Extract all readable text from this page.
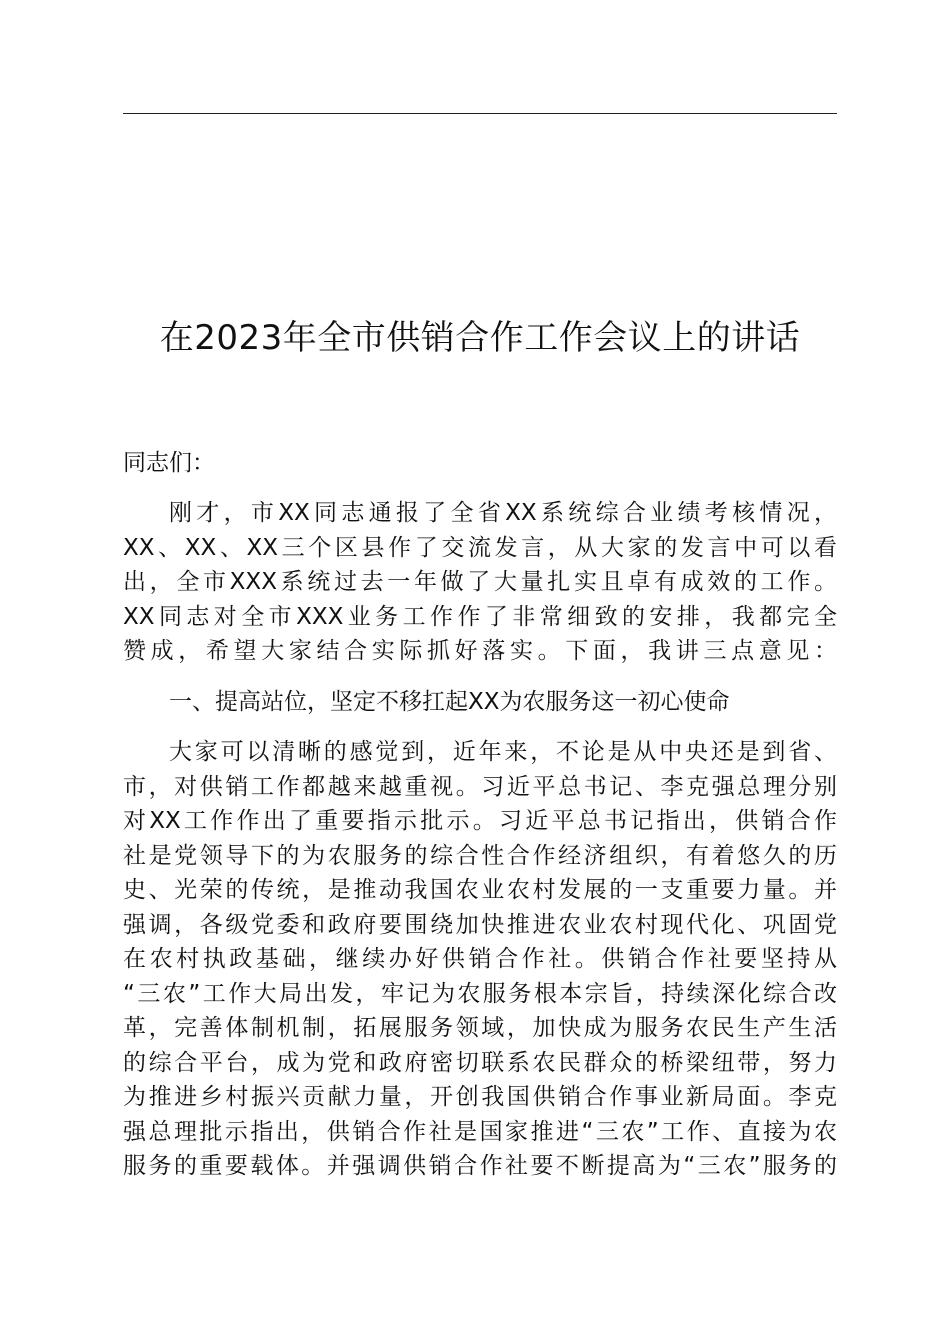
在2023年全市供销合作工作会议上的讲话
同志们：
刚才，市XX同志通报了全省XX系统综合业绩考核情况，
XX、XX、XX三个区县作了交流发言，从大家的发言中可以看
出，全市XXX系统过去一年做了大量扎实且卓有成效的工作。
XX同志对全市XXX业务工作作了非常细致的安排，我都完全
赞成，希望大家结合实际抓好落实。下面，我讲三点意见：
一、提高站位，坚定不移扛起XX为农服务这一初心使命
大家可以清晰的感觉到，近年来，不论是从中央还是到省、
市，对供销工作都越来越重视。习近平总书记、李克强总理分别
对XX工作作出了重要指示批示。习近平总书记指出，供销合作
社是党领导下的为农服务的综合性合作经济组织，有着悠久的历
史、光荣的传统，是推动我国农业农村发展的一支重要力量。并
强调，各级党委和政府要围绕加快推进农业农村现代化、巩固党
在农村执政基础，继续办好供销合作社。供销合作社要坚持从
“三农”工作大局出发，牢记为农服务根本宗旨，持续深化综合改
革，完善体制机制，拓展服务领域，加快成为服务农民生产生活
的综合平台，成为党和政府密切联系农民群众的桥梁纽带，努力
为推进乡村振兴贡献力量，开创我国供销合作事业新局面。李克
强总理批示指出，供销合作社是国家推进“三农”工作、直接为农
服务的重要载体。并强调供销合作社要不断提高为“三农”服务的
